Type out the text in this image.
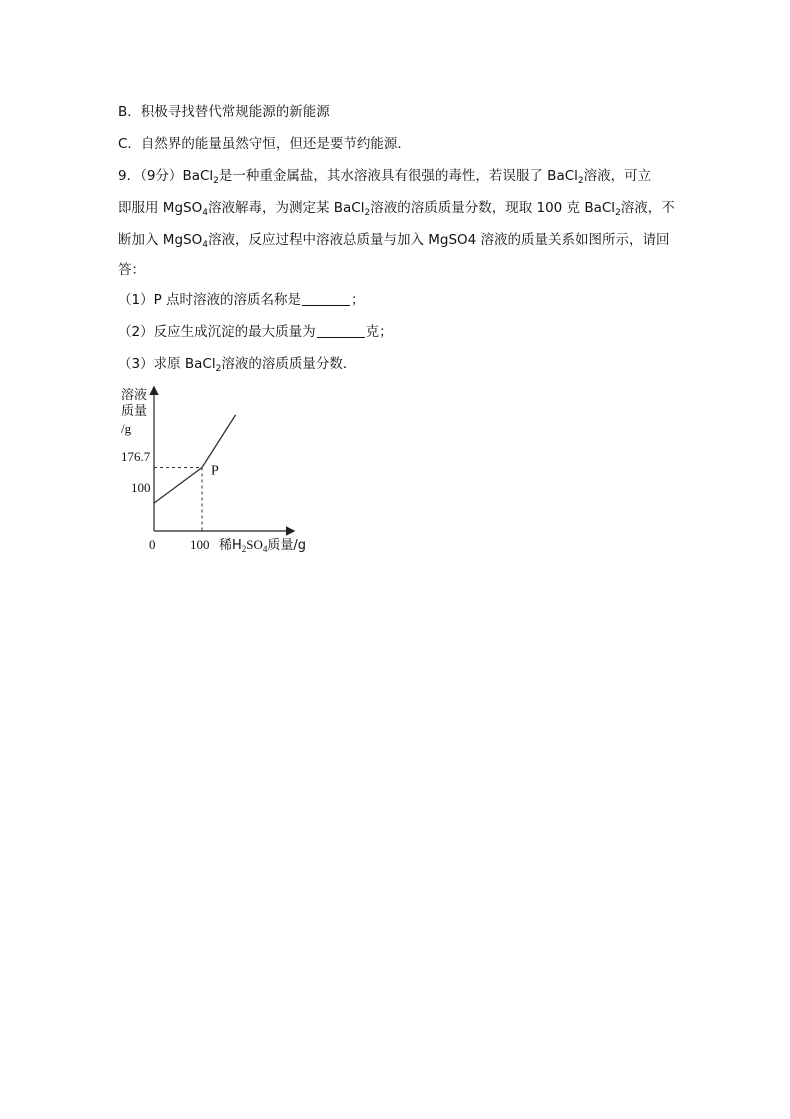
B．积极寻找替代常规能源的新能源
C．自然界的能量虽然守恒，但还是要节约能源．
9．（9分）BaCl$_2$是一种重金属盐，其水溶液具有很强的毒性，若误服了 BaCl$_2$溶液，可立
即服用 MgSO$_4$溶液解毒，为测定某 BaCl$_2$溶液的溶质质量分数，现取 100 克 BaCl$_2$溶液，不
断加入 MgSO$_4$溶液，反应过程中溶液总质量与加入 MgSO4 溶液的质量关系如图所示，请回
答：
（1）P 点时溶液的溶质名称是	；
（2）反应生成沉淀的最大质量为	克；
（3）求原 BaCl$_2$溶液的溶质质量分数．
溶液
质量
/g
176.7
100
0	100 稀$H_2SO_4$质量/g
P
